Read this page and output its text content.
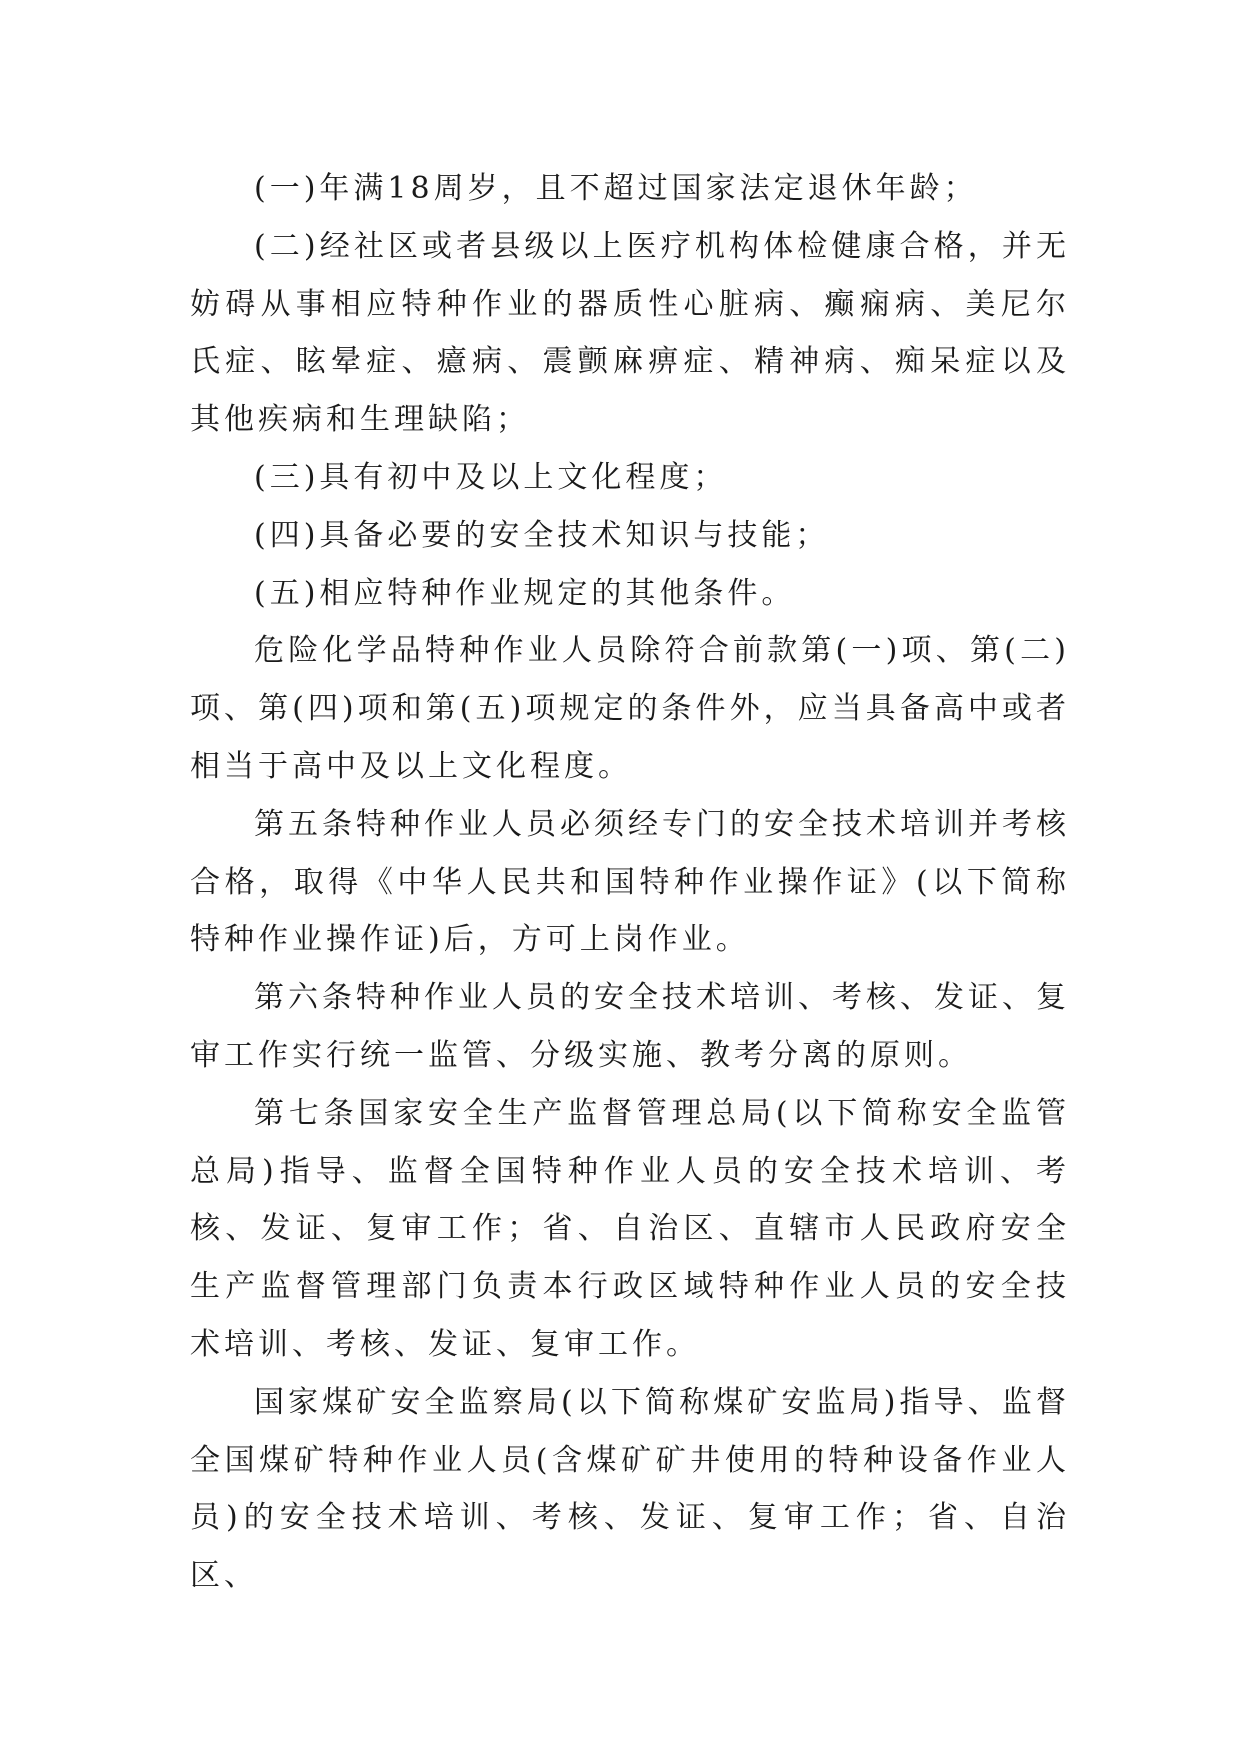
(一)年满18周岁，且不超过国家法定退休年龄；

(二)经社区或者县级以上医疗机构体检健康合格，并无妨碍从事相应特种作业的器质性心脏病、癫痫病、美尼尔氏症、眩晕症、癔病、震颤麻痹症、精神病、痴呆症以及其他疾病和生理缺陷；

(三)具有初中及以上文化程度；

(四)具备必要的安全技术知识与技能；

(五)相应特种作业规定的其他条件。

危险化学品特种作业人员除符合前款第(一)项、第(二)项、第(四)项和第(五)项规定的条件外，应当具备高中或者相当于高中及以上文化程度。

第五条特种作业人员必须经专门的安全技术培训并考核合格，取得《中华人民共和国特种作业操作证》(以下简称特种作业操作证)后，方可上岗作业。

第六条特种作业人员的安全技术培训、考核、发证、复审工作实行统一监管、分级实施、教考分离的原则。

第七条国家安全生产监督管理总局(以下简称安全监管总局)指导、监督全国特种作业人员的安全技术培训、考核、发证、复审工作；省、自治区、直辖市人民政府安全生产监督管理部门负责本行政区域特种作业人员的安全技术培训、考核、发证、复审工作。

国家煤矿安全监察局(以下简称煤矿安监局)指导、监督全国煤矿特种作业人员(含煤矿矿井使用的特种设备作业人员)的安全技术培训、考核、发证、复审工作；省、自治区、
